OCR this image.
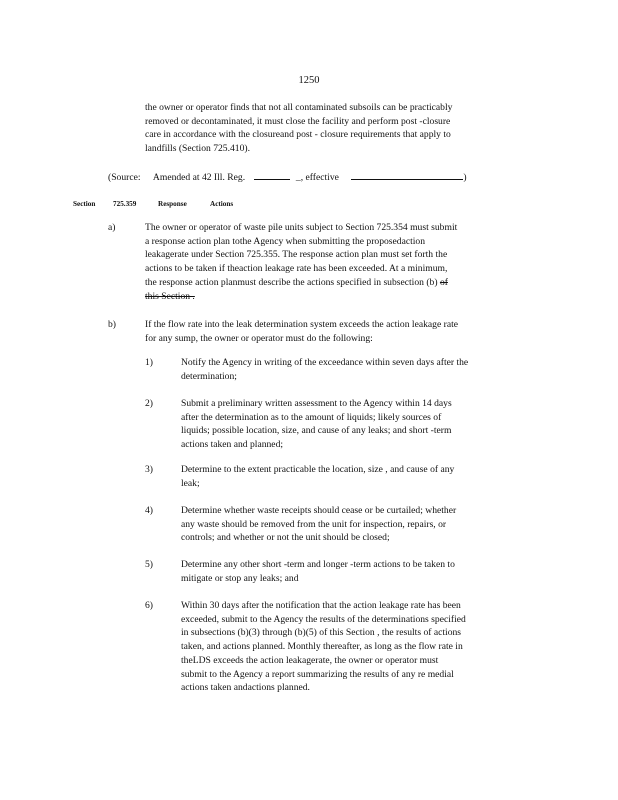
1250
the owner or operator finds that not all contaminated subsoils can be practicably
removed or decontaminated, it must close the facility and perform post -closure
care in accordance with the closureand post - closure requirements that apply to
landfills (Section 725.410).
(Source: Amended at 42 Ill. Reg.	_, effective	)
Section 725.359	Response	Actions
a)	The owner or operator of waste pile units subject to Section 725.354 must submit
a response action plan tothe Agency when submitting the proposedaction
leakagerate under Section 725.355. The response action plan must set forth the
actions to be taken if theaction leakage rate has been exceeded. At a minimum,
the response action planmust describe the actions specified in subsection (b) of
this Section .
b)	If the flow rate into the leak determination system exceeds the action leakage rate
for any sump, the owner or operator must do the following:
1)	Notify the Agency in writing of the exceedance within seven days after the
determination;
2)	Submit a preliminary written assessment to the Agency within 14 days
after the determination as to the amount of liquids; likely sources of
liquids; possible location, size, and cause of any leaks; and short -term
actions taken and planned;
3)	Determine to the extent practicable the location, size , and cause of any
leak;
4)	Determine whether waste receipts should cease or be curtailed; whether
any waste should be removed from the unit for inspection, repairs, or
controls; and whether or not the unit should be closed;
5)	Determine any other short -term and longer -term actions to be taken to
mitigate or stop any leaks; and
6)	Within 30 days after the notification that the action leakage rate has been
exceeded, submit to the Agency the results of the determinations specified
in subsections (b)(3) through (b)(5) of this Section , the results of actions
taken, and actions planned. Monthly thereafter, as long as the flow rate in
theLDS exceeds the action leakagerate, the owner or operator must
submit to the Agency a report summarizing the results of any re medial
actions taken andactions planned.
